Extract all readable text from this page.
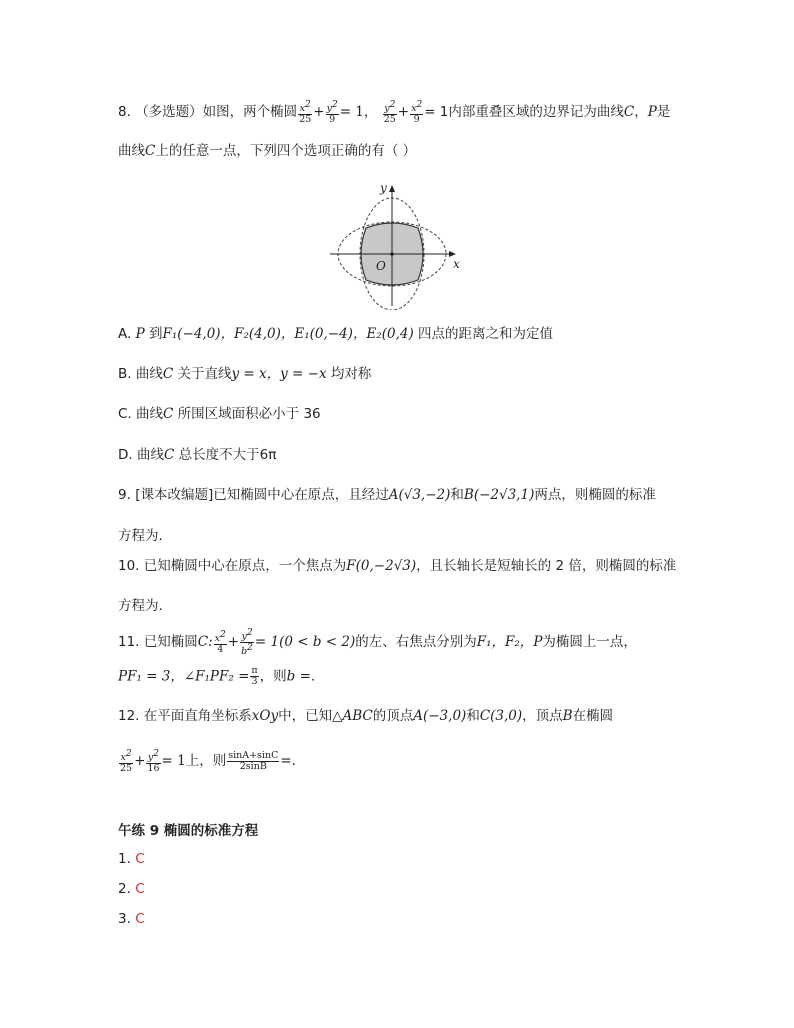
8. （多选题）如图，两个椭圆 $\frac{x^2}{25} + \frac{y^2}{9} = 1$， $\frac{y^2}{25} + \frac{x^2}{9} = 1$内部重叠区域的边界记为曲线C，P是
曲线C上的任意一点，下列四个选项正确的有（ ）
x
y
O
A. P 到F₁(−4,0)，F₂(4,0)，E₁(0,−4)，E₂(0,4) 四点的距离之和为定值
B. 曲线C 关于直线y = x，y = −x 均对称
C. 曲线C 所围区域面积必小于 36
D. 曲线C 总长度不大于6π
9. [课本改编题]已知椭圆中心在原点，且经过A(√3,−2)和B(−2√3,1)两点，则椭圆的标准
方程为.
10. 已知椭圆中心在原点，一个焦点为F(0,−2√3)，且长轴长是短轴长的 2 倍，则椭圆的标准
方程为.
11. 已知椭圆C: $\frac{x^2}{4} + \frac{y^2}{b^2} = 1(0 < b < 2)$的左、右焦点分别为F₁，F₂，P为椭圆上一点，
PF₁ = 3，∠F₁PF₂ = $\frac{\pi}{3}$ ，则b =.
12. 在平面直角坐标系xOy中，已知△ABC的顶点A(−3,0)和C(3,0)，顶点B在椭圆
$\frac{x^2}{25} + \frac{y^2}{16} = 1$上，则 $\frac{\sin A+\sin C}{2\sin B}$ =.
午练 9 椭圆的标准方程
1. C
2. C
3. C
